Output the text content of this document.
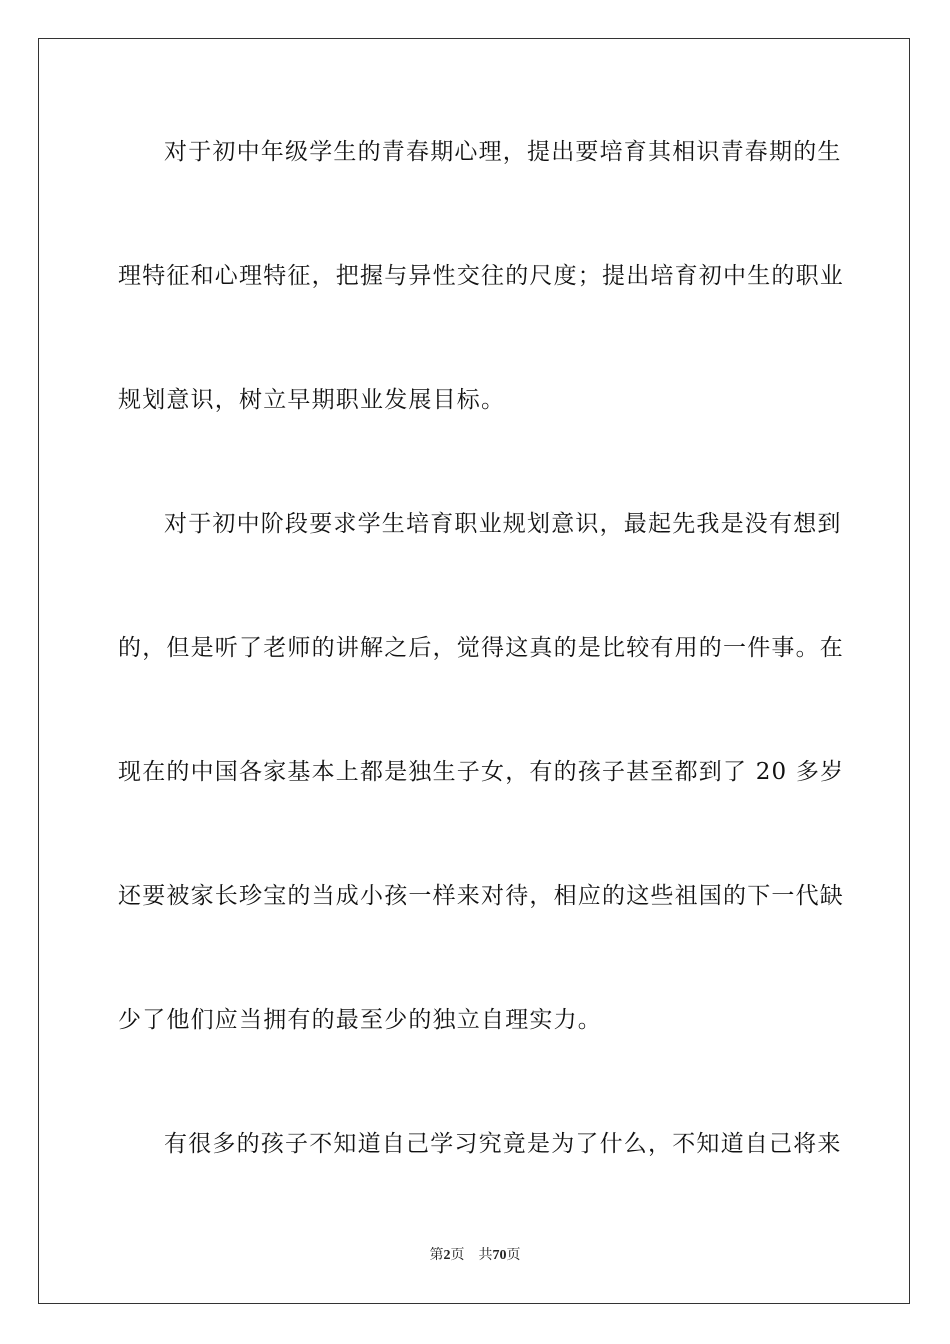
对于初中年级学生的青春期心理，提出要培育其相识青春期的生
理特征和心理特征，把握与异性交往的尺度；提出培育初中生的职业
规划意识，树立早期职业发展目标。
对于初中阶段要求学生培育职业规划意识，最起先我是没有想到
的，但是听了老师的讲解之后，觉得这真的是比较有用的一件事。在
现在的中国各家基本上都是独生子女，有的孩子甚至都到了 20 多岁
还要被家长珍宝的当成小孩一样来对待，相应的这些祖国的下一代缺
少了他们应当拥有的最至少的独立自理实力。
有很多的孩子不知道自己学习究竟是为了什么，不知道自己将来
第2页 共70页
